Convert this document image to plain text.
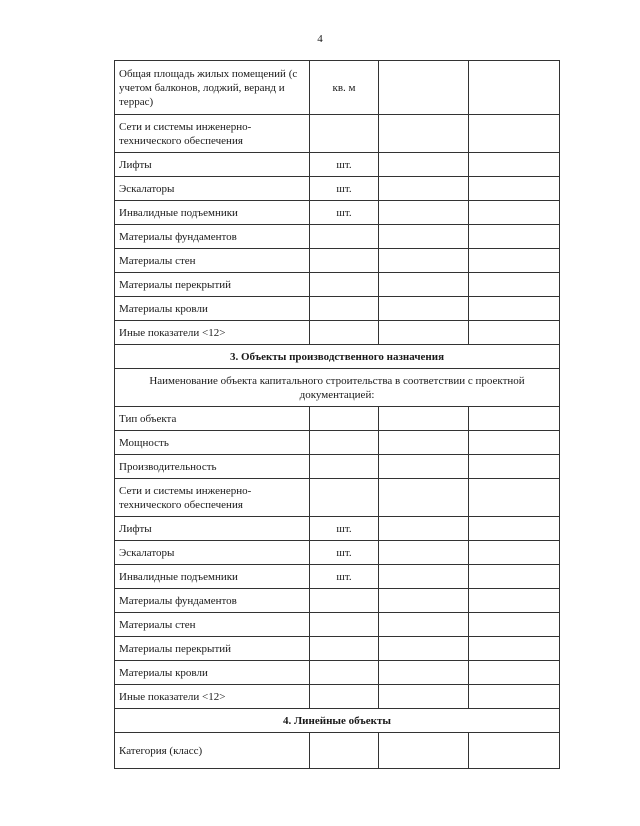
4
Общая площадь жилых помещений (с учетом балконов, лоджий, веранд и террас)	кв. м		
Сети и системы инженерно-технического обеспечения			
Лифты	шт.		
Эскалаторы	шт.		
Инвалидные подъемники	шт.		
Материалы фундаментов			
Материалы стен			
Материалы перекрытий			
Материалы кровли			
Иные показатели <12>			
3. Объекты производственного назначения			
Наименование объекта капитального строительства в соответствии с проектной документацией:			
Тип объекта			
Мощность			
Производительность			
Сети и системы инженерно-технического обеспечения			
Лифты	шт.		
Эскалаторы	шт.		
Инвалидные подъемники	шт.		
Материалы фундаментов			
Материалы стен			
Материалы перекрытий			
Материалы кровли			
Иные показатели <12>			
4. Линейные объекты			
Категория (класс)			
